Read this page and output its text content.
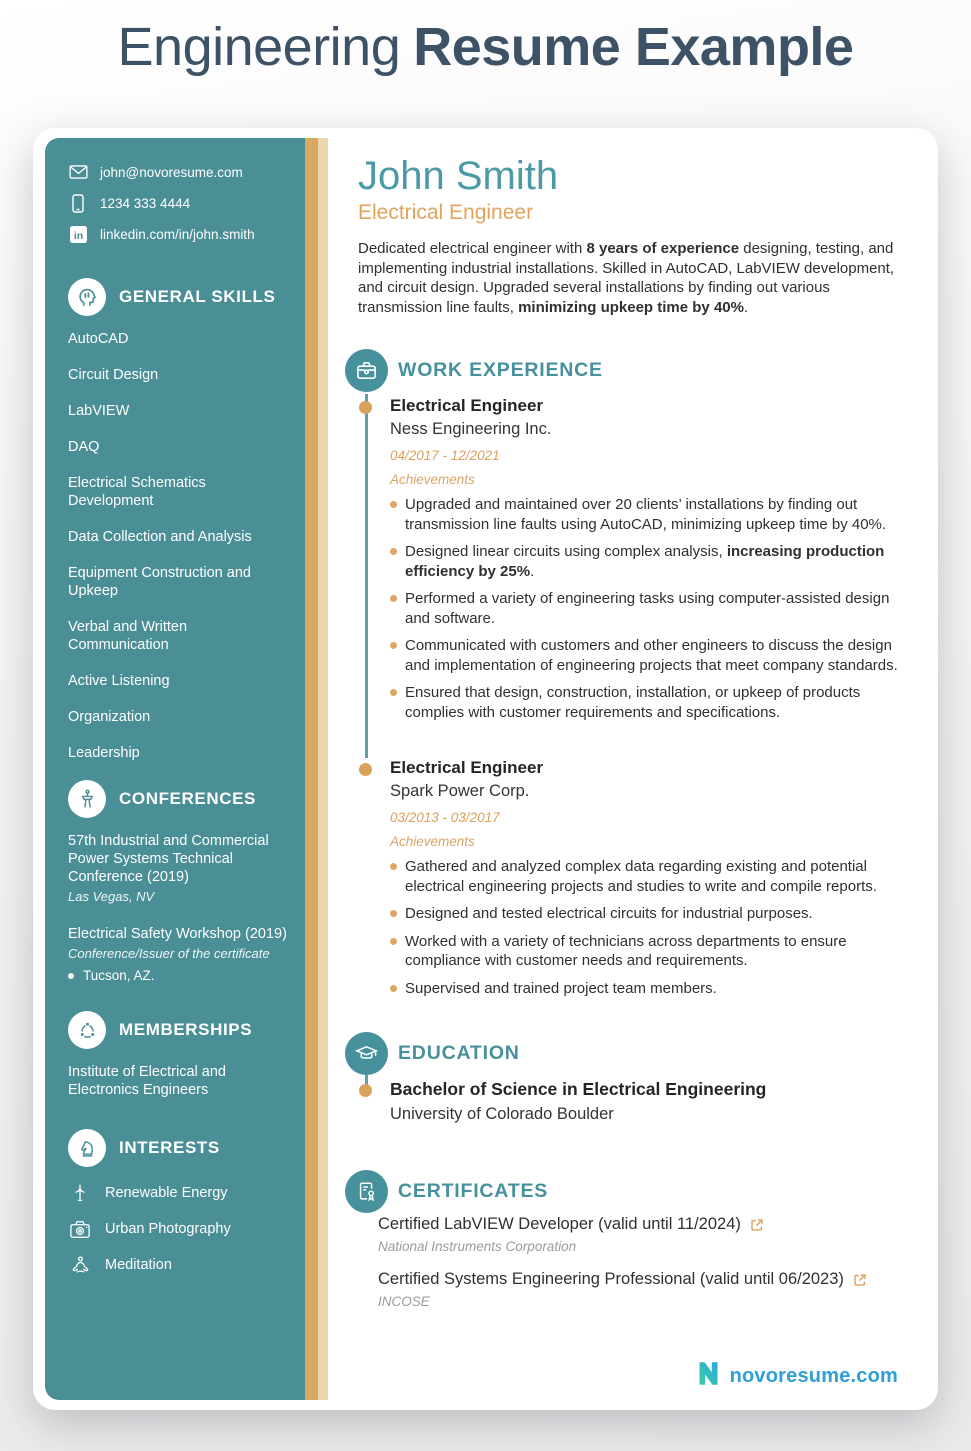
Engineering Resume Example
john@novoresume.com
1234 333 4444
in linkedin.com/in/john.smith
GENERAL SKILLS
AutoCAD
Circuit Design
LabVIEW
DAQ
Electrical Schematics Development
Data Collection and Analysis
Equipment Construction and Upkeep
Verbal and Written Communication
Active Listening
Organization
Leadership
CONFERENCES
57th Industrial and Commercial Power Systems Technical Conference (2019)
Las Vegas, NV
Electrical Safety Workshop (2019)
Conference/Issuer of the certificate
Tucson, AZ.
MEMBERSHIPS
Institute of Electrical and Electronics Engineers
INTERESTS
Renewable Energy
Urban Photography
Meditation
John Smith
Electrical Engineer
Dedicated electrical engineer with 8 years of experience designing, testing, and implementing industrial installations. Skilled in AutoCAD, LabVIEW development, and circuit design. Upgraded several installations by finding out various transmission line faults, minimizing upkeep time by 40%.
WORK EXPERIENCE
Electrical Engineer
Ness Engineering Inc.
04/2017 - 12/2021
Achievements
Upgraded and maintained over 20 clients’ installations by finding out transmission line faults using AutoCAD, minimizing upkeep time by 40%.
Designed linear circuits using complex analysis, increasing production efficiency by 25%.
Performed a variety of engineering tasks using computer-assisted design and software.
Communicated with customers and other engineers to discuss the design and implementation of engineering projects that meet company standards.
Ensured that design, construction, installation, or upkeep of products complies with customer requirements and specifications.
Electrical Engineer
Spark Power Corp.
03/2013 - 03/2017
Achievements
Gathered and analyzed complex data regarding existing and potential electrical engineering projects and studies to write and compile reports.
Designed and tested electrical circuits for industrial purposes.
Worked with a variety of technicians across departments to ensure compliance with customer needs and requirements.
Supervised and trained project team members.
EDUCATION
Bachelor of Science in Electrical Engineering
University of Colorado Boulder
CERTIFICATES
Certified LabVIEW Developer (valid until 11/2024)
National Instruments Corporation
Certified Systems Engineering Professional (valid until 06/2023)
INCOSE
novoresume.com
